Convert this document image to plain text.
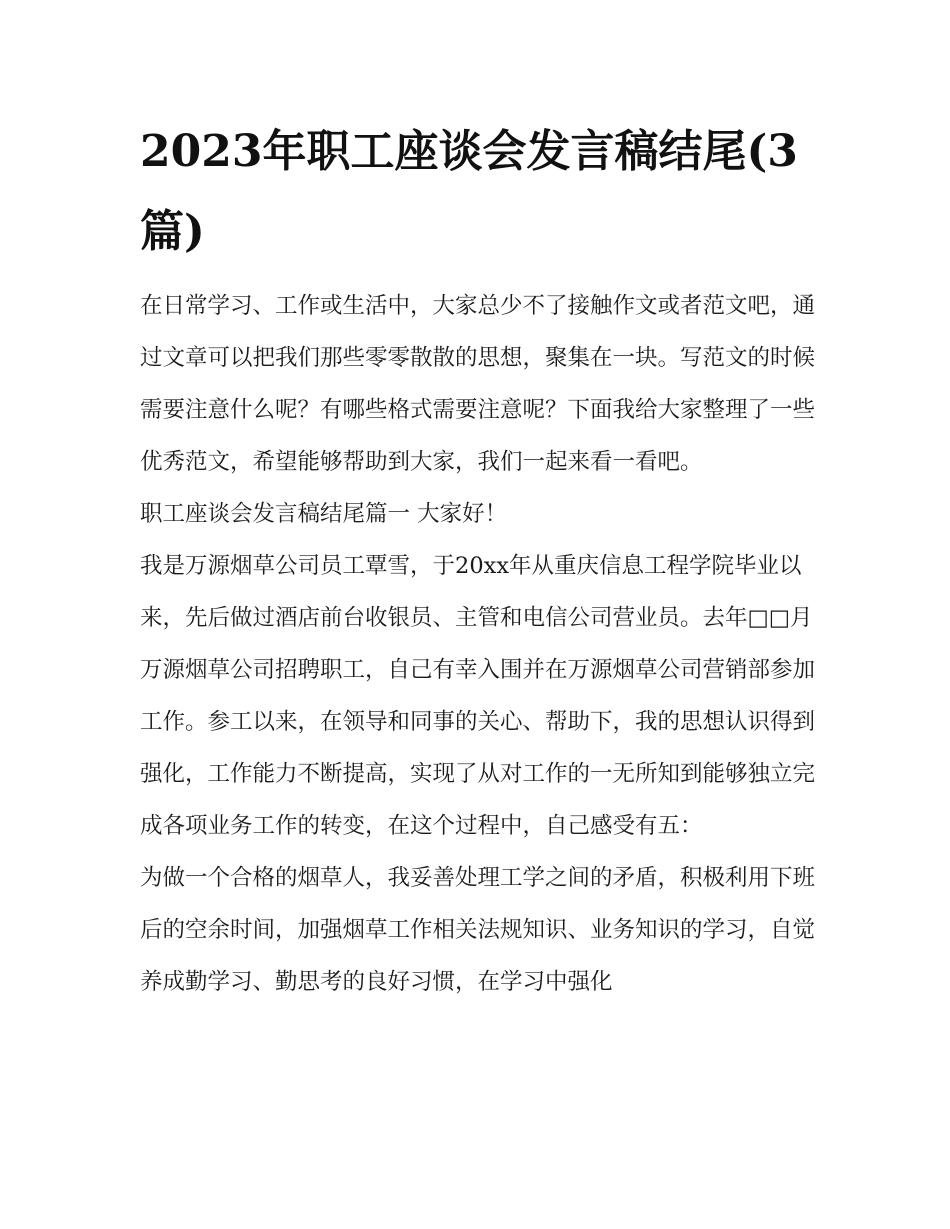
2023年职工座谈会发言稿结尾(3篇)

在日常学习、工作或生活中，大家总少不了接触作文或者范文吧，通过文章可以把我们那些零零散散的思想，聚集在一块。写范文的时候需要注意什么呢？有哪些格式需要注意呢？下面我给大家整理了一些优秀范文，希望能够帮助到大家，我们一起来看一看吧。

职工座谈会发言稿结尾篇一 大家好！

我是万源烟草公司员工覃雪，于20xx年从重庆信息工程学院毕业以来，先后做过酒店前台收银员、主管和电信公司营业员。去年□□月万源烟草公司招聘职工，自己有幸入围并在万源烟草公司营销部参加工作。参工以来，在领导和同事的关心、帮助下，我的思想认识得到强化，工作能力不断提高，实现了从对工作的一无所知到能够独立完成各项业务工作的转变，在这个过程中，自己感受有五：

为做一个合格的烟草人，我妥善处理工学之间的矛盾，积极利用下班后的空余时间，加强烟草工作相关法规知识、业务知识的学习，自觉养成勤学习、勤思考的良好习惯，在学习中强化
